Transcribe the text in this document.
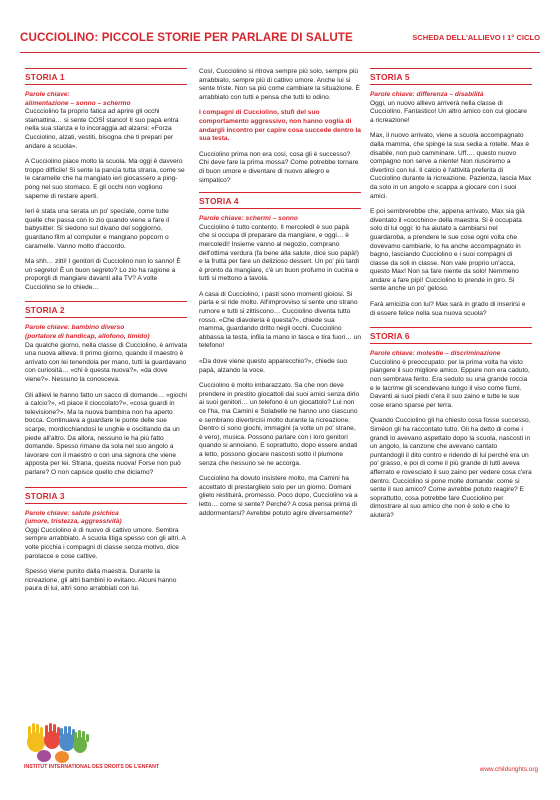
CUCCIOLINO: PICCOLE STORIE PER PARLARE DI SALUTE	SCHEDA DELL'ALLIEVO I 1° CICLO
STORIA 1
Parole chiave:
alimentazione – sonno – schermo

Cuccciolino fa proprio fatica ad aprire gli occhi stamattina… si sente COSÌ stanco! Il suo papà entra nella sua stanza e lo incoraggia ad alzarsi: «Forza Cucciolino, alzati, vestiti, bisogna che ti prepari per andare a scuola».

A Cucciolino piace molto la scuola. Ma oggi è davvero troppo difficile! Si sente la pancia tutta strana, come se le caramelle che ha mangiato ieri giocassero a ping-pong nel suo stomaco. E gli occhi non vogliono saperne di restare aperti.

Ieri è stata una serata un po' speciale, come tutte quelle che passa con lo zio quando viene a fare il babysitter. Si siedono sul divano del soggiorno, guardano film al computer e mangiano popcorn o caramelle. Vanno molto d'accordo.

Ma shh… zitti! I genitori di Cucciolino non lo sanno! È un segreto! È un buon segreto? Lo zio ha ragione a proporgli di mangiare davanti alla TV? A volte Cucciolino se lo chiede…

STORIA 2
Parole chiave: bambino diverso
(portatore di handicap, allofono, timido)

Da qualche giorno, nella classe di Cucciolino, è arrivata una nuova allieva. Il primo giorno, quando il maestro è arrivato con lei tenendola per mano, tutti la guardavano con curiosità… «chi è questa nuova?», «da dove viene?». Nessuno la conosceva.

Gli allievi le hanno fatto un sacco di domande… «giochi a calcio?», «ti piace il cioccolato?», «cosa guardi in televisione?». Ma la nuova bambina non ha aperto bocca. Continuava a guardare le punte delle sue scarpe, mordicchiandosi le unghie e oscillando da un piede all'altro. Da allora, nessuno le ha più fatto domande. Spesso rimane da sola nel suo angolo a lavorare con il maestro o con una signora che viene apposta per lei. Strana, questa nuova! Forse non può parlare? O non capisce quello che diciamo?

STORIA 3
Parole chiave: salute psichica
(umore, tristezza, aggressività)

Oggi Cucciolino è di nuovo di cattivo umore. Sembra sempre arrabbiato. A scuola litiga spesso con gli altri. A volte picchia i compagni di classe senza motivo, dice parolacce e cose cattive.

Spesso viene punito dalla maestra. Durante la ricreazione, gli altri bambini lo evitano. Alcuni hanno paura di lui, altri sono arrabbiati con lui.

Così, Cucciolino si ritrova sempre più solo, sempre più arrabbiato, sempre più di cattivo umore. Anche lui si sente triste. Non sa più come cambiare la situazione. È arrabbiato con tutti e pensa che tutti lo odino.

I compagni di Cucciolino, stufi del suo comportamento aggressivo, non hanno voglia di andargli incontro per capire cosa succede dentro la sua testa.

Cucciolino prima non era così, cosa gli è successo? Chi deve fare la prima mossa? Come potrebbe tornare di buon umore e diventare di nuovo allegro e simpatico?

STORIA 4
Parole chiave: schermi – sonno

Cucciolino è tutto contento. Il mercoledì è suo papà che si occupa di preparare da mangiare, e oggi… è mercoledì! Insieme vanno al negozio, comprano dell'ottima verdura (fa bene alla salute, dice suo papà!) e la frutta per fare un delizioso dessert. Un po' più tardi è pronto da mangiare, c'è un buon profumo in cucina e tutti si mettono a tavola.

A casa di Cucciolino, i pasti sono momenti gioiosi. Si parla e si ride molto. All'improvviso si sente uno strano rumore e tutti si zittiscono… Cucciolino diventa tutto rosso. «Che diavoleria è questa?», chiede sua mamma, guardando dritto negli occhi. Cucciolino abbassa la testa, infila la mano in tasca e tira fuori… un telefono!

«Da dove viene questo apparecchio?», chiede suo papà, alzando la voce.

Cucciolino è molto imbarazzato. Sa che non deve prendere in prestito giocattoli dai suoi amici senza dirlo ai suoi genitori… un telefono è un giocattolo? Lui non ce l'ha, ma Camini e Solabelle ne hanno uno ciascuno e sembrano divertircisi molto durante la ricreazione. Dentro ci sono giochi, immagini (a volte un po' strane, è vero), musica. Possono parlare con i loro genitori quando si annoiano. E soprattutto, dopo essere andati a letto, possono giocare nascosti sotto il piumone senza che nessuno se ne accorga.

Cucciolino ha dovuto insistere molto, ma Camini ha accettato di prestarglielo solo per un giorno. Domani glielo restituirà, promesso. Poco dopo, Cucciolino va a letto… come si sente? Perché? A cosa pensa prima di addormentarsi? Avrebbe potuto agire diversamente?

STORIA 5
Parole chiave: differenza – disabilità

Oggi, un nuovo allievo arriverà nella classe di Cucciolino. Fantastico! Un altro amico con cui giocare a ricreazione!

Max, il nuovo arrivato, viene a scuola accompagnato dalla mamma, che spinge la sua sedia a rotelle. Max è disabile, non può camminare. Uff…. questo nuovo compagno non serve a niente! Non riusciremo a divertirci con lui. Il calcio è l'attività preferita di Cucciolino durante la ricreazione. Pazienza, lascia Max da solo in un angolo e scappa a giocare con i suoi amici.

E poi sembrerebbe che, appena arrivato, Max sia già diventato il «cocchino» della maestra. Si è occupata solo di lui oggi: lo ha aiutato a cambiarsi nel guardaroba, a prendere le sue cose ogni volta che dovevamo cambiarle, lo ha anche accompagnato in bagno, lasciando Cucciolino e i suoi compagni di classe da soli in classe. Non vale proprio un'acca, questo Max! Non sa fare niente da solo! Nemmeno andare a fare pipì! Cucciolino lo prende in giro. Si sente anche un po' geloso.

Farà amicizia con lui? Max sarà in grado di inserirsi e di essere felice nella sua nuova scuola?

STORIA 6
Parole chiave: molestie – discriminazione

Cucciolino è preoccupato: per la prima volta ha visto piangere il suo migliore amico. Eppure non era caduto, non sembrava ferito. Era seduto su una grande roccia e le lacrime gli scendevano lungo il viso come fiumi. Davanti ai suoi piedi c'era il suo zaino e tutte le sue cose erano sparse per terra.

Quando Cucciolino gli ha chiesto cosa fosse successo, Siméon gli ha raccontato tutto. Gli ha detto di come i grandi lo avevano aspettato dopo la scuola, nascosti in un angolo, la canzone che avevano cantato puntandogli il dito contro e ridendo di lui perché era un po' grasso, e poi di come il più grande di tutti aveva afferrato e rovesciato il suo zaino per vedere cosa c'era dentro. Cucciolino si pone molte domande: come si sente il suo amico? Come avrebbe potuto reagire? E soprattutto, cosa potrebbe fare Cucciolino per dimostrare al suo amico che non è solo e che lo aiuterà?

INSTITUT INTERNATIONAL DES DROITS DE L'ENFANT	www.childsrights.org
